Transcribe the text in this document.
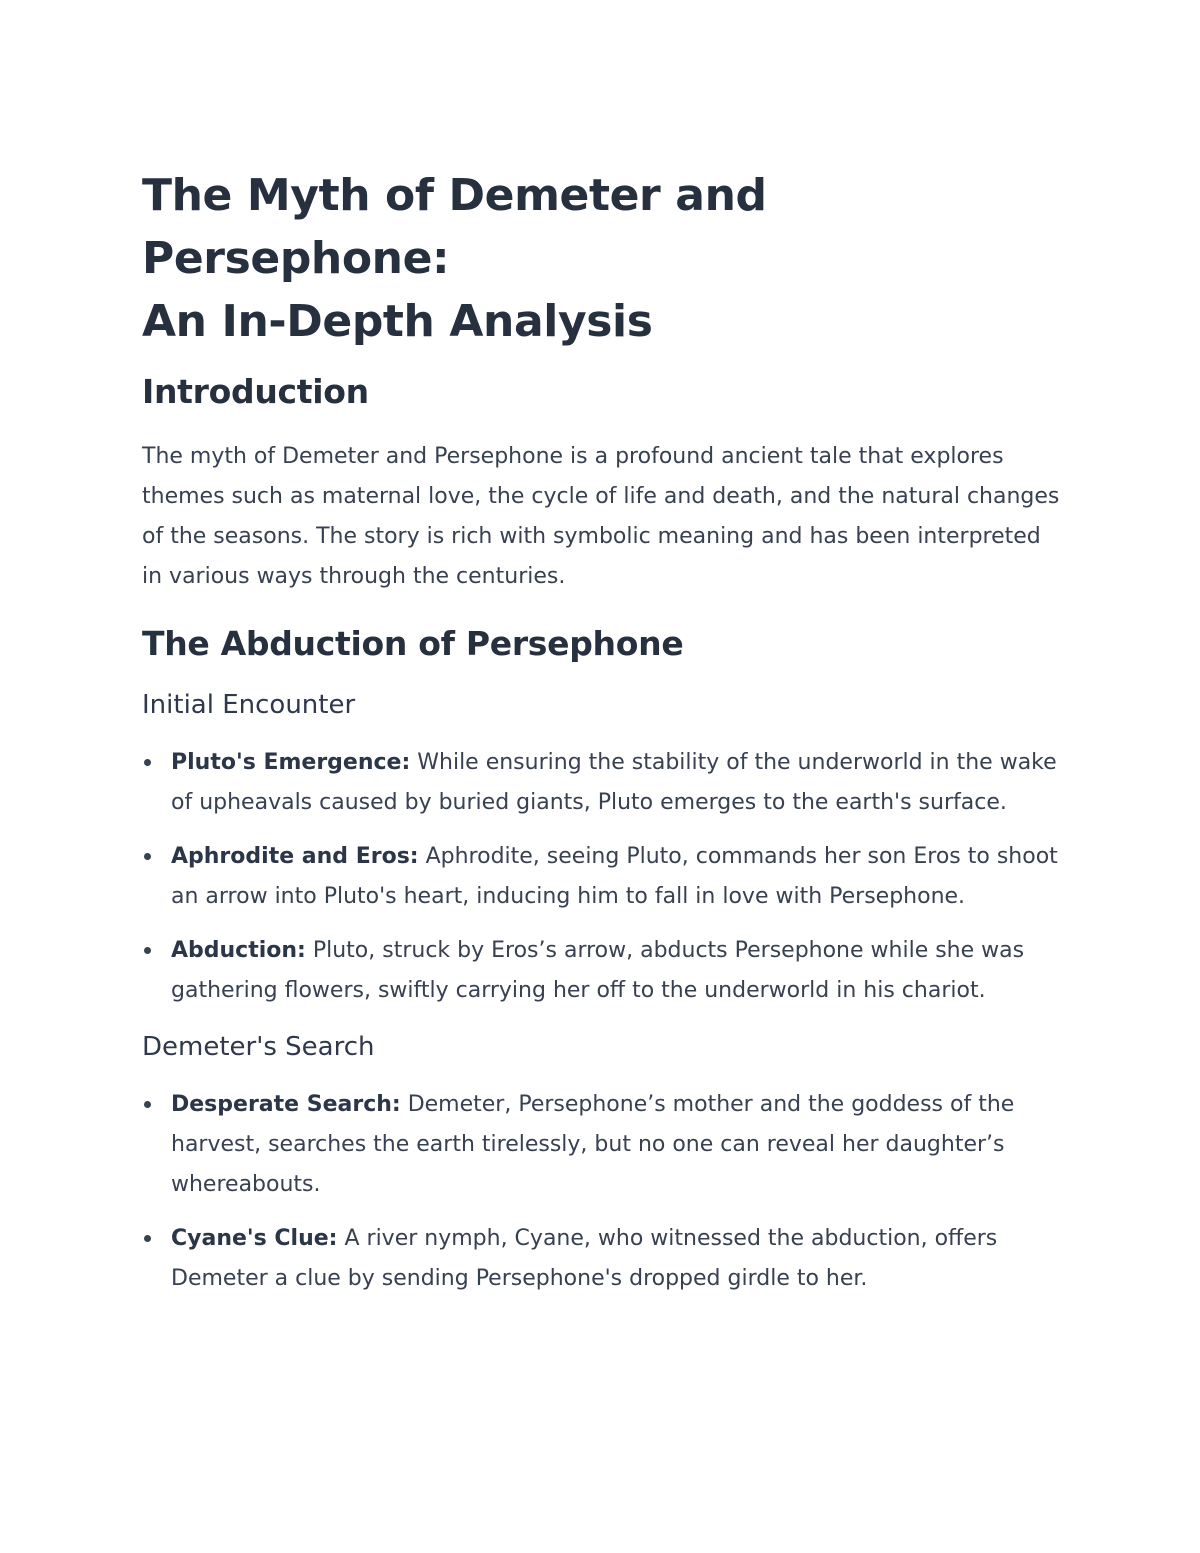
The Myth of Demeter and Persephone:
An In-Depth Analysis
Introduction

The myth of Demeter and Persephone is a profound ancient tale that explores themes such as maternal love, the cycle of life and death, and the natural changes of the seasons. The story is rich with symbolic meaning and has been interpreted in various ways through the centuries.

The Abduction of Persephone
Initial Encounter
Pluto's Emergence: While ensuring the stability of the underworld in the wake of upheavals caused by buried giants, Pluto emerges to the earth's surface.
Aphrodite and Eros: Aphrodite, seeing Pluto, commands her son Eros to shoot an arrow into Pluto's heart, inducing him to fall in love with Persephone.
Abduction: Pluto, struck by Eros’s arrow, abducts Persephone while she was gathering flowers, swiftly carrying her off to the underworld in his chariot.
Demeter's Search
Desperate Search: Demeter, Persephone’s mother and the goddess of the harvest, searches the earth tirelessly, but no one can reveal her daughter’s whereabouts.
Cyane's Clue: A river nymph, Cyane, who witnessed the abduction, offers Demeter a clue by sending Persephone's dropped girdle to her.
